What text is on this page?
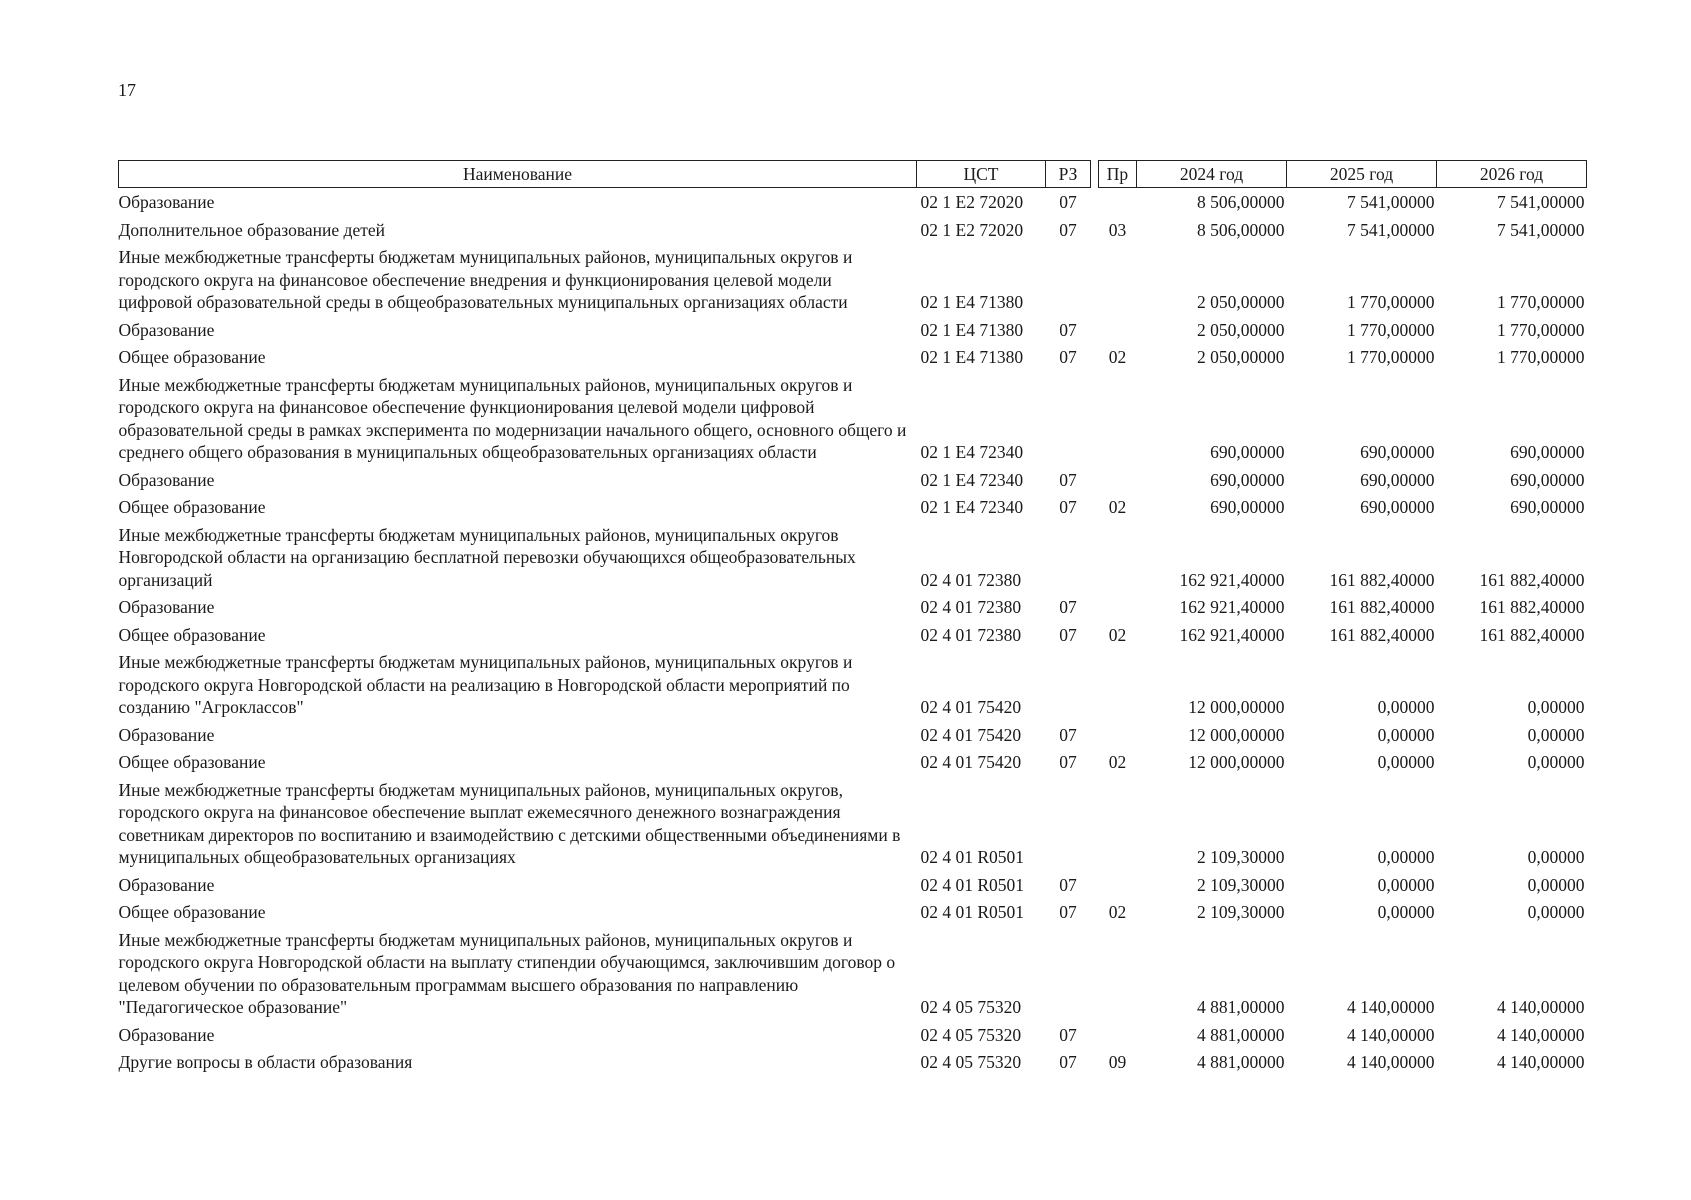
17
Наименование	ЦСТ	РЗ		Пр	2024 год	2025 год	2026 год
Образование	02 1 E2 72020	07			8 506,00000	7 541,00000	7 541,00000
Дополнительное образование детей	02 1 E2 72020	07		03	8 506,00000	7 541,00000	7 541,00000
Иные межбюджетные трансферты бюджетам муниципальных районов, муниципальных округов и городского округа на финансовое обеспечение внедрения и функционирования целевой модели цифровой образовательной среды в общеобразовательных муниципальных организациях области	02 1 E4 71380				2 050,00000	1 770,00000	1 770,00000
Образование	02 1 E4 71380	07			2 050,00000	1 770,00000	1 770,00000
Общее образование	02 1 E4 71380	07		02	2 050,00000	1 770,00000	1 770,00000
Иные межбюджетные трансферты бюджетам муниципальных районов, муниципальных округов и городского округа на финансовое обеспечение функционирования целевой модели цифровой образовательной среды в рамках эксперимента по модернизации начального общего, основного общего и среднего общего образования в муниципальных общеобразовательных организациях области	02 1 E4 72340				690,00000	690,00000	690,00000
Образование	02 1 E4 72340	07			690,00000	690,00000	690,00000
Общее образование	02 1 E4 72340	07		02	690,00000	690,00000	690,00000
Иные межбюджетные трансферты бюджетам муниципальных районов, муниципальных округов Новгородской области на организацию бесплатной перевозки обучающихся общеобразовательных организаций	02 4 01 72380				162 921,40000	161 882,40000	161 882,40000
Образование	02 4 01 72380	07			162 921,40000	161 882,40000	161 882,40000
Общее образование	02 4 01 72380	07		02	162 921,40000	161 882,40000	161 882,40000
Иные межбюджетные трансферты бюджетам муниципальных районов, муниципальных округов и городского округа Новгородской области на реализацию в Новгородской области мероприятий по созданию "Агроклассов"	02 4 01 75420				12 000,00000	0,00000	0,00000
Образование	02 4 01 75420	07			12 000,00000	0,00000	0,00000
Общее образование	02 4 01 75420	07		02	12 000,00000	0,00000	0,00000
Иные межбюджетные трансферты бюджетам муниципальных районов, муниципальных округов, городского округа на финансовое обеспечение выплат ежемесячного денежного вознаграждения советникам директоров по воспитанию и взаимодействию с детскими общественными объединениями в муниципальных общеобразовательных организациях	02 4 01 R0501				2 109,30000	0,00000	0,00000
Образование	02 4 01 R0501	07			2 109,30000	0,00000	0,00000
Общее образование	02 4 01 R0501	07		02	2 109,30000	0,00000	0,00000
Иные межбюджетные трансферты бюджетам муниципальных районов, муниципальных округов и городского округа Новгородской области на выплату стипендии обучающимся, заключившим договор о целевом обучении по образовательным программам высшего образования по направлению "Педагогическое образование"	02 4 05 75320				4 881,00000	4 140,00000	4 140,00000
Образование	02 4 05 75320	07			4 881,00000	4 140,00000	4 140,00000
Другие вопросы в области образования	02 4 05 75320	07		09	4 881,00000	4 140,00000	4 140,00000
